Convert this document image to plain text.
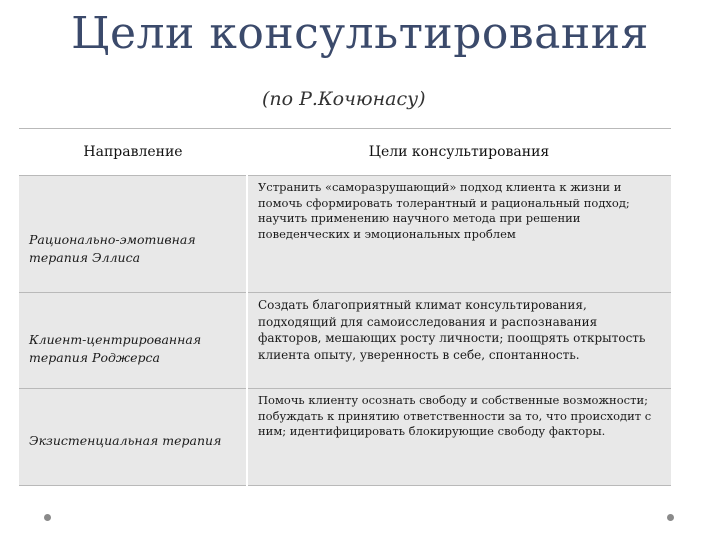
Цели консультирования
(по Р.Кочюнасу)
Направление	Цели консультирования

Рационально-эмотивная терапия Эллиса	Устранить «саморазрушающий» подход клиента к жизни и помочь сформировать толерантный и рациональный подход; научить применению научного метода при решении поведенческих и эмоциональных проблем

Клиент-центрированная терапия Роджерса	Создать благоприятный климат консультирования, подходящий для самоисследования и распознавания факторов, мешающих росту личности; поощрять открытость клиента опыту, уверенность в себе, спонтанность.

Экзистенциальная терапия	Помочь клиенту осознать свободу и собственные возможности; побуждать к принятию ответственности за то, что происходит с ним; идентифицировать блокирующие свободу факторы.
